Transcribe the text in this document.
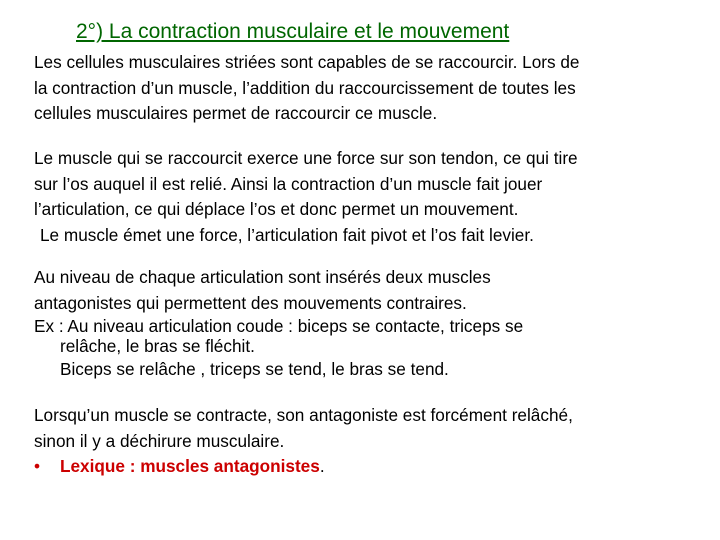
2°) La contraction musculaire et le mouvement

Les cellules musculaires striées sont capables de se raccourcir. Lors de

la contraction d’un muscle, l’addition du raccourcissement de toutes les

cellules musculaires permet de raccourcir ce muscle.

Le muscle qui se raccourcit exerce une force sur son tendon, ce qui tire

sur l’os auquel il est relié. Ainsi la contraction d’un muscle fait jouer

l’articulation, ce qui déplace l’os et donc permet un mouvement.

Le muscle émet une force, l’articulation fait pivot et l’os fait levier.

Au niveau de chaque articulation sont insérés deux muscles

antagonistes qui permettent des mouvements contraires.

Ex : Au niveau articulation coude : biceps se contacte, triceps se

relâche, le bras se fléchit.

Biceps se relâche , triceps se tend, le bras se tend.

Lorsqu’un muscle se contracte, son antagoniste est forcément relâché,

sinon il y a déchirure musculaire.

• Lexique : muscles antagonistes.
